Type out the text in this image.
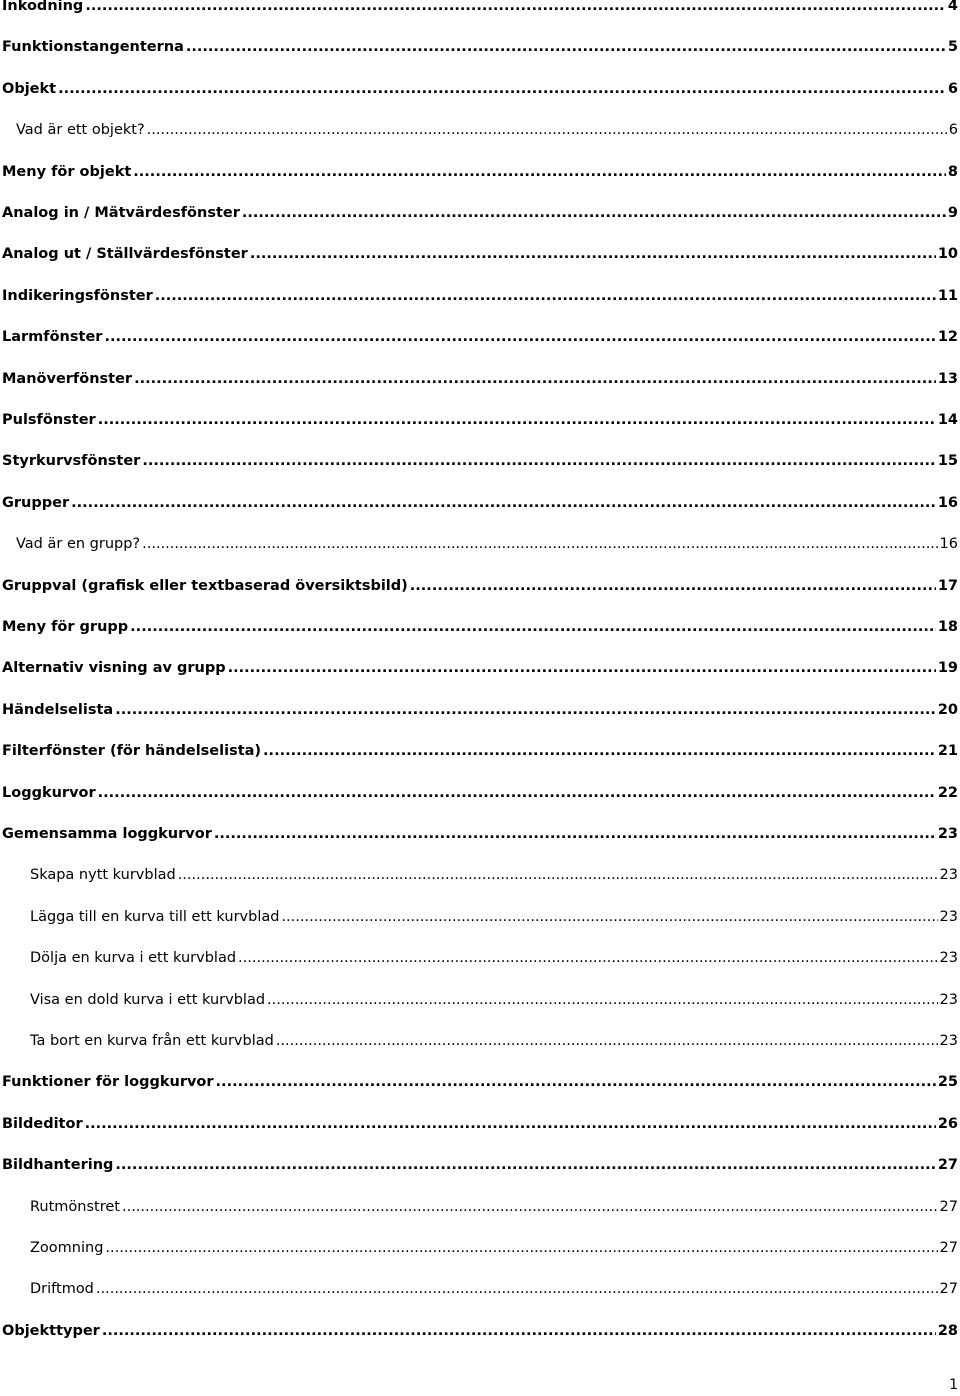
Inkodning .....	4
Funktionstangenterna .....	5
Objekt .....	6
Vad är ett objekt? .....	6
Meny för objekt .....	8
Analog in / Mätvärdesfönster .....	9
Analog ut / Ställvärdesfönster .....	10
Indikeringsfönster .....	11
Larmfönster .....	12
Manöverfönster .....	13
Pulsfönster .....	14
Styrkurvsfönster .....	15
Grupper .....	16
Vad är en grupp? .....	16
Gruppval (grafisk eller textbaserad översiktsbild) .....	17
Meny för grupp .....	18
Alternativ visning av grupp .....	19
Händelselista .....	20
Filterfönster (för händelselista) .....	21
Loggkurvor .....	22
Gemensamma loggkurvor .....	23
Skapa nytt kurvblad .....	23
Lägga till en kurva till ett kurvblad .....	23
Dölja en kurva i ett kurvblad .....	23
Visa en dold kurva i ett kurvblad .....	23
Ta bort en kurva från ett kurvblad .....	23
Funktioner för loggkurvor .....	25
Bildeditor .....	26
Bildhantering .....	27
Rutmönstret .....	27
Zoomning .....	27
Driftmod .....	27
Objekttyper .....	28
1
